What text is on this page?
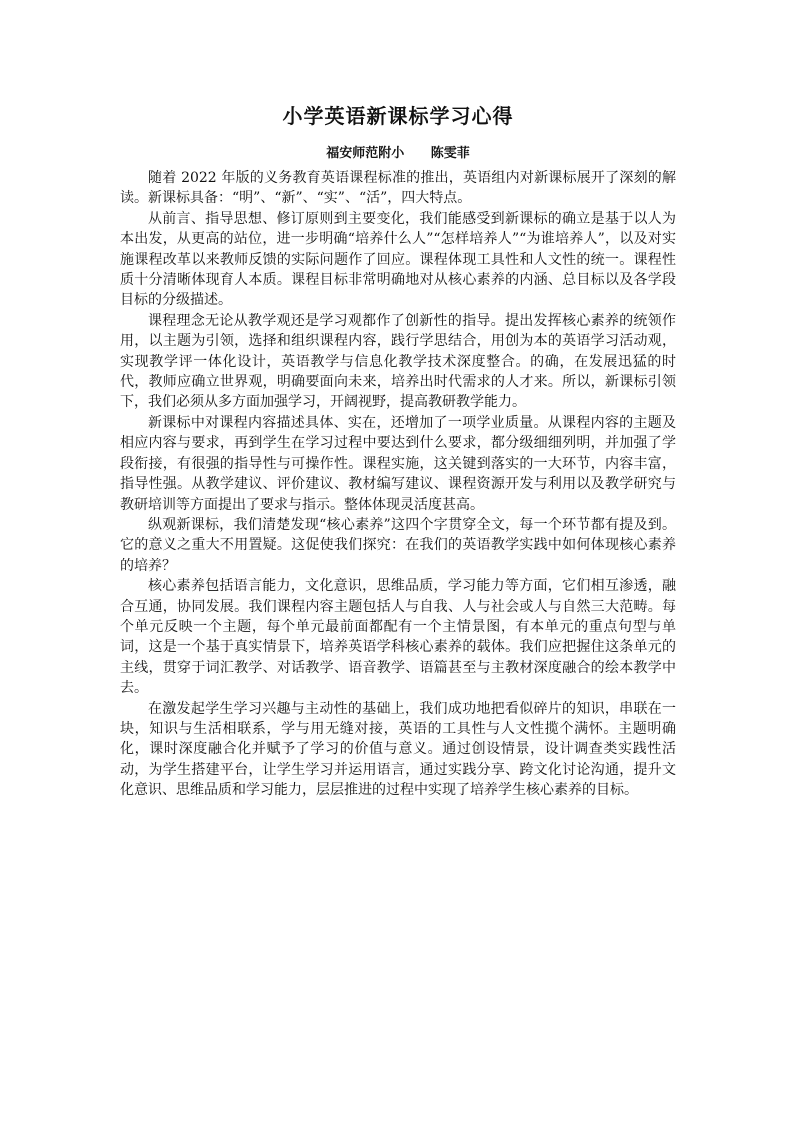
小学英语新课标学习心得
福安师范附小 陈雯菲

随着 2022 年版的义务教育英语课程标准的推出，英语组内对新课标展开了深刻的解读。新课标具备：“明”、“新”、“实”、“活”，四大特点。

从前言、指导思想、修订原则到主要变化，我们能感受到新课标的确立是基于以人为本出发，从更高的站位，进一步明确“培养什么人”“怎样培养人”“为谁培养人”，以及对实施课程改革以来教师反馈的实际问题作了回应。课程体现工具性和人文性的统一。课程性质十分清晰体现育人本质。课程目标非常明确地对从核心素养的内涵、总目标以及各学段目标的分级描述。

课程理念无论从教学观还是学习观都作了创新性的指导。提出发挥核心素养的统领作用，以主题为引领，选择和组织课程内容，践行学思结合，用创为本的英语学习活动观，实现教学评一体化设计，英语教学与信息化教学技术深度整合。的确，在发展迅猛的时代，教师应确立世界观，明确要面向未来，培养出时代需求的人才来。所以，新课标引领下，我们必须从多方面加强学习，开阔视野，提高教研教学能力。

新课标中对课程内容描述具体、实在，还增加了一项学业质量。从课程内容的主题及相应内容与要求，再到学生在学习过程中要达到什么要求，都分级细细列明，并加强了学段衔接，有很强的指导性与可操作性。课程实施，这关键到落实的一大环节，内容丰富，指导性强。从教学建议、评价建议、教材编写建议、课程资源开发与利用以及教学研究与教研培训等方面提出了要求与指示。整体体现灵活度甚高。

纵观新课标，我们清楚发现“核心素养”这四个字贯穿全文，每一个环节都有提及到。它的意义之重大不用置疑。这促使我们探究：在我们的英语教学实践中如何体现核心素养的培养？

核心素养包括语言能力，文化意识，思维品质，学习能力等方面，它们相互渗透，融合互通，协同发展。我们课程内容主题包括人与自我、人与社会或人与自然三大范畴。每个单元反映一个主题，每个单元最前面都配有一个主情景图，有本单元的重点句型与单词，这是一个基于真实情景下，培养英语学科核心素养的载体。我们应把握住这条单元的主线，贯穿于词汇教学、对话教学、语音教学、语篇甚至与主教材深度融合的绘本教学中去。

在激发起学生学习兴趣与主动性的基础上，我们成功地把看似碎片的知识，串联在一块，知识与生活相联系，学与用无缝对接，英语的工具性与人文性揽个满怀。主题明确化，课时深度融合化并赋予了学习的价值与意义。通过创设情景，设计调查类实践性活动，为学生搭建平台，让学生学习并运用语言，通过实践分享、跨文化讨论沟通，提升文化意识、思维品质和学习能力，层层推进的过程中实现了培养学生核心素养的目标。
